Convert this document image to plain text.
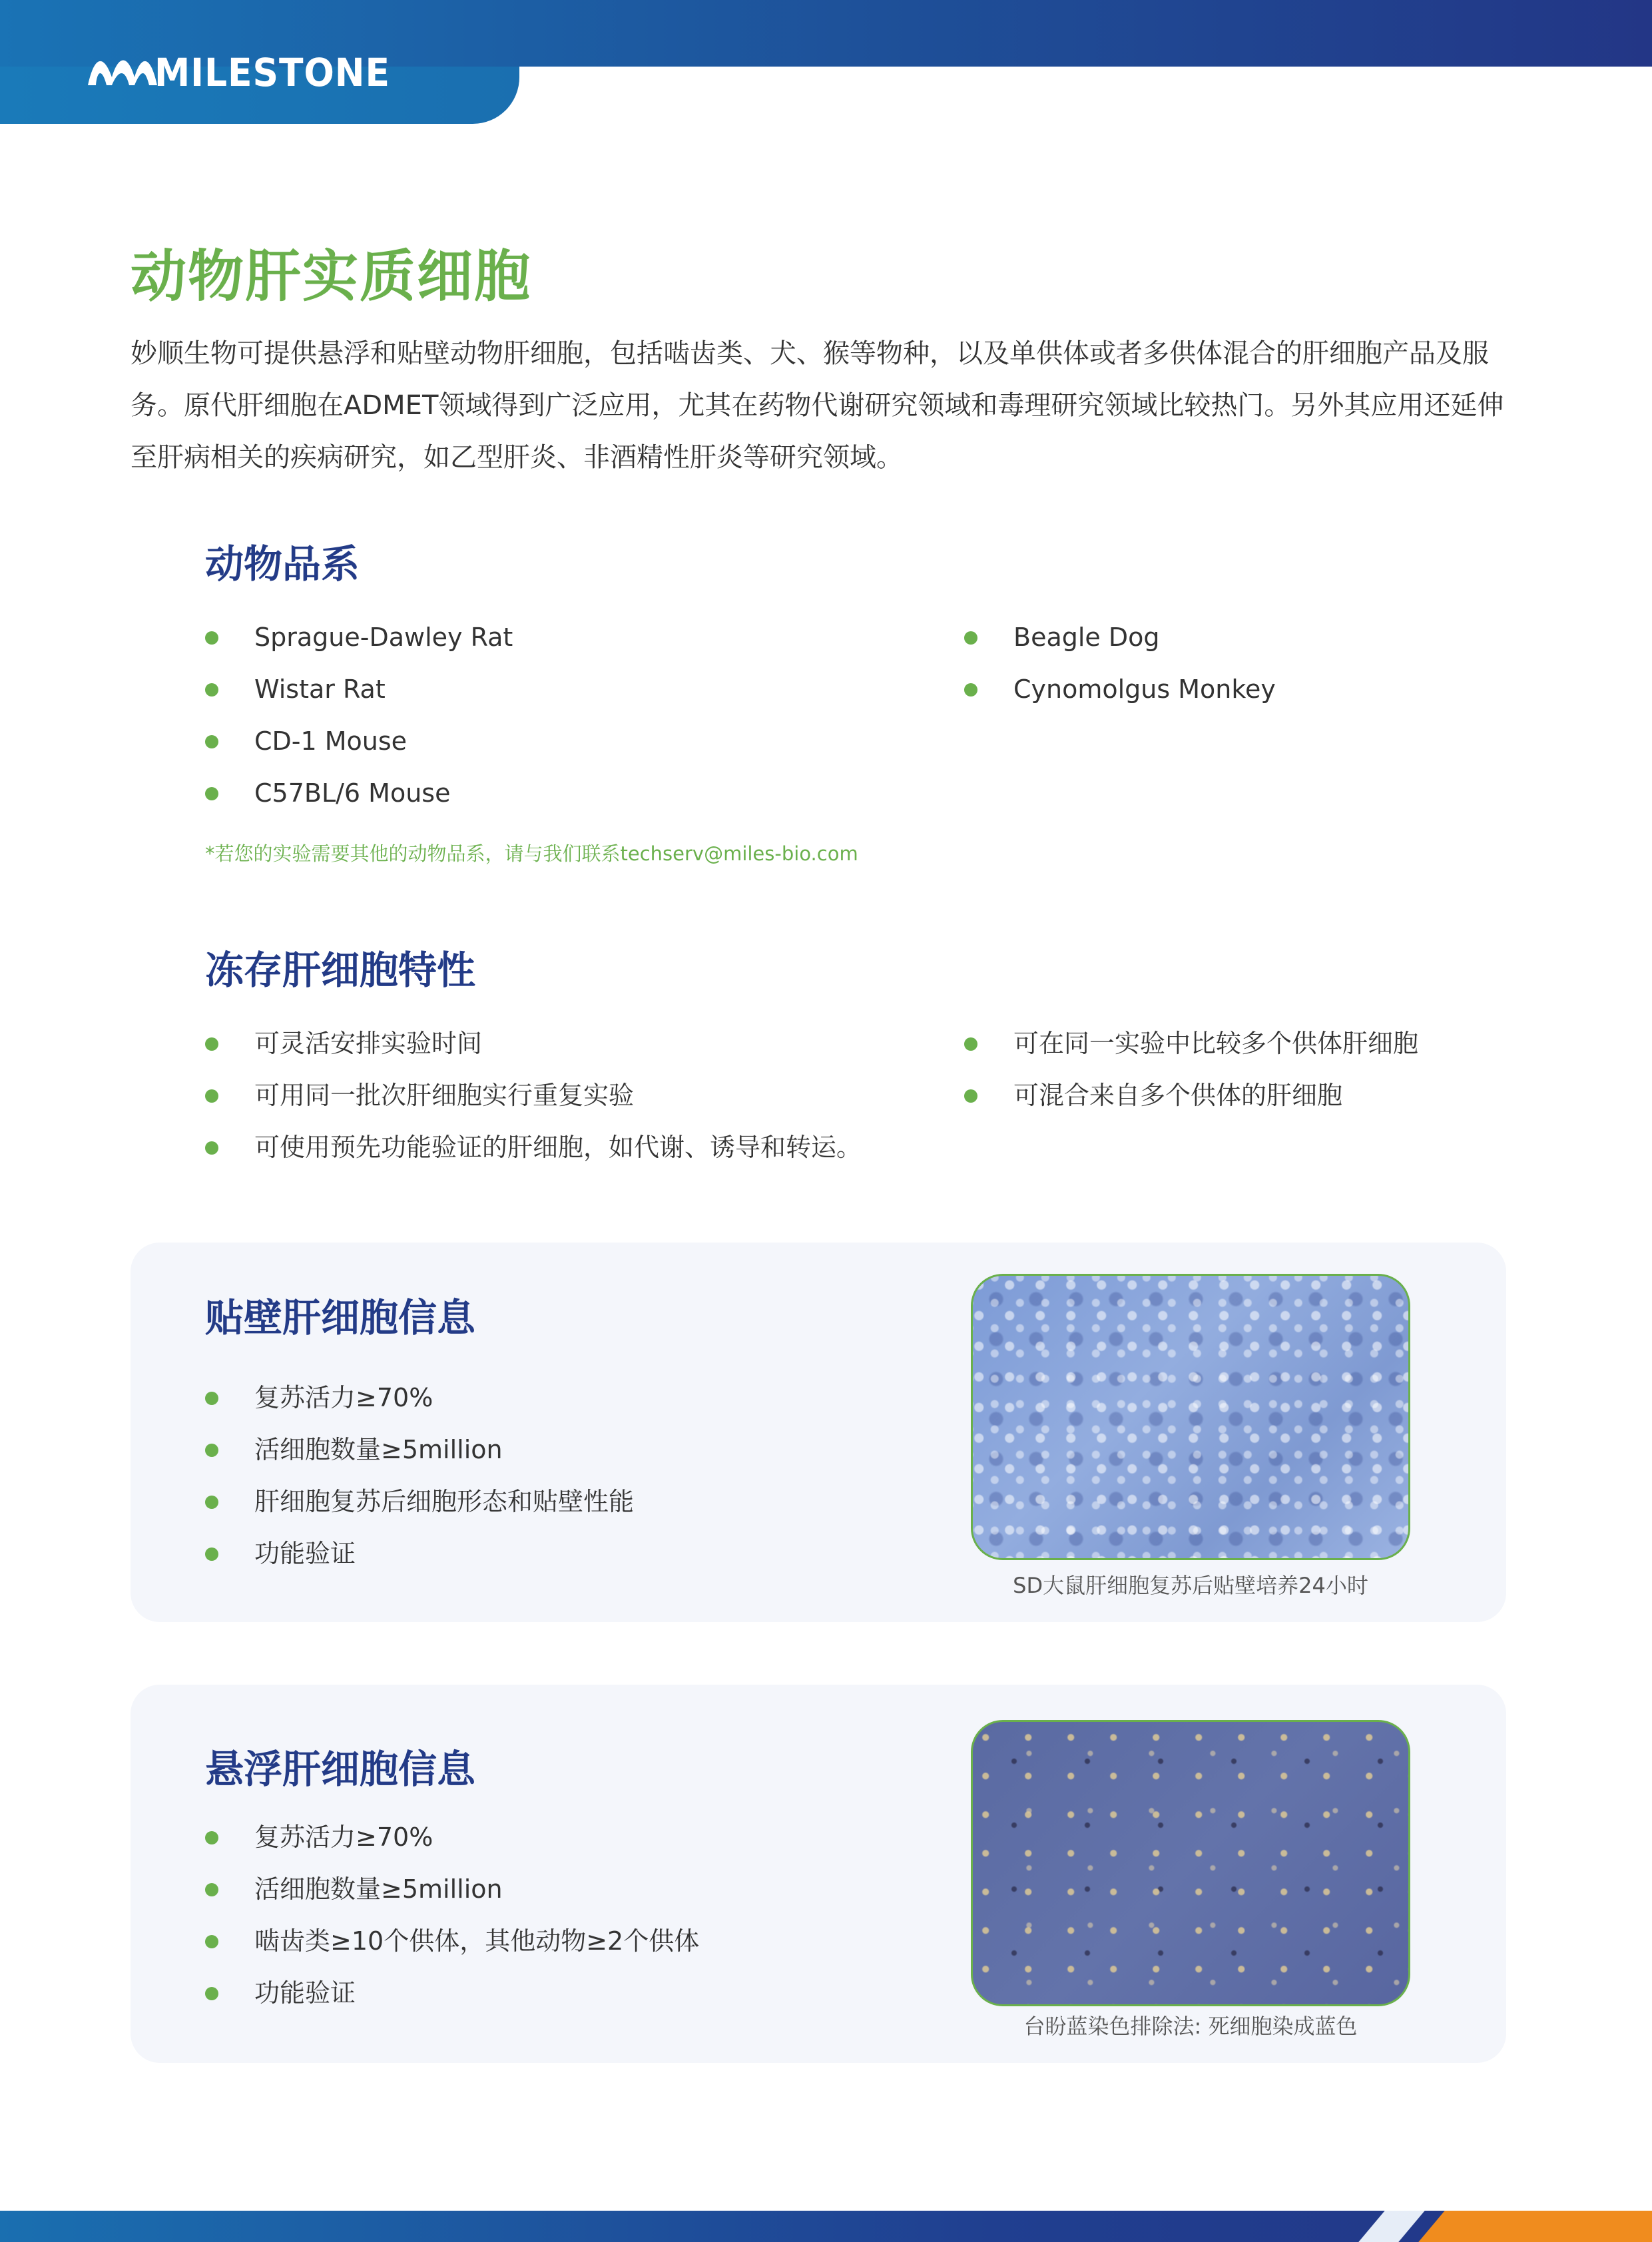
MILESTONE
动物肝实质细胞

妙顺生物可提供悬浮和贴壁动物肝细胞，包括啮齿类、犬、猴等物种，以及单供体或者多供体混合的肝细胞产品及服务。原代肝细胞在ADMET领域得到广泛应用，尤其在药物代谢研究领域和毒理研究领域比较热门。另外其应用还延伸至肝病相关的疾病研究，如乙型肝炎、非酒精性肝炎等研究领域。

动物品系
Sprague-Dawley Rat
Wistar Rat
CD-1 Mouse
C57BL/6 Mouse
Beagle Dog
Cynomolgus Monkey
*若您的实验需要其他的动物品系，请与我们联系techserv@miles-bio.com
冻存肝细胞特性
可灵活安排实验时间
可用同一批次肝细胞实行重复实验
可使用预先功能验证的肝细胞，如代谢、诱导和转运。
可在同一实验中比较多个供体肝细胞
可混合来自多个供体的肝细胞
贴壁肝细胞信息
复苏活力≥70%
活细胞数量≥5million
肝细胞复苏后细胞形态和贴壁性能
功能验证
SD大鼠肝细胞复苏后贴壁培养24小时
悬浮肝细胞信息
复苏活力≥70%
活细胞数量≥5million
啮齿类≥10个供体，其他动物≥2个供体
功能验证
台盼蓝染色排除法: 死细胞染成蓝色
